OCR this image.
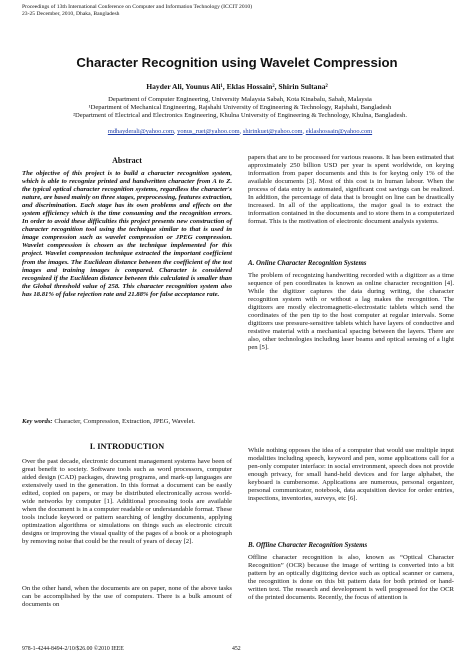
Proceedings of 13th International Conference on Computer and Information Technology (ICCIT 2010)
23-25 December, 2010, Dhaka, Bangladesh
Character Recognition using Wavelet Compression
Hayder Ali, Younus Ali¹, Eklas Hossain², Shirin Sultana²
Department of Computer Engineering, University Malaysia Sabah, Kota Kinabalu, Sabah, Malaysia
¹Department of Mechanical Engineering, Rajshahi University of Engineering & Technology, Rajshahi, Bangladesh
²Department of Electrical and Electronics Engineering, Khulna University of Engineering & Technology, Khulna, Bangladesh.
mdhayderali@yahoo.com, yonus_ruet@yahoo.com, shirinkuet@yahoo.com, eklashossain@yahoo.com
Abstract
The objective of this project is to build a character recognition system, which is able to recognize printed and handwritten character from A to Z. the typical optical character recognition systems, regardless the character's nature, are based mainly on three stages, preprocessing, features extraction, and discrimination. Each stage has its own problems and effects on the system efficiency which is the time consuming and the recognition errors. In order to avoid these difficulties this project presents new construction of character recognition tool using the technique similar to that is used in image compression such as wavelet compression or JPEG compression. Wavelet compression is chosen as the technique implemented for this project. Wavelet compression technique extracted the important coefficient from the images. The Euclidean distance between the coefficient of the test images and training images is compared. Character is considered recognized if the Euclidean distance between this calculated is smaller than the Global threshold value of 258. This character recognition system also has 18.81% of false rejection rate and 21.88% for false acceptance rate.
Key words: Character, Compression, Extraction, JPEG, Wavelet.
I. INTRODUCTION
Over the past decade, electronic document management systems have been of great benefit to society. Software tools such as word processors, computer aided design (CAD) packages, drawing programs, and mark-up languages are extensively used in the generation. In this format a document can be easily edited, copied on papers, or may be distributed electronically across world-wide networks by computer [1]. Additional processing tools are available when the document is in a computer readable or understandable format. These tools include keyword or pattern searching of lengthy documents, applying optimization algorithms or simulations on things such as electronic circuit designs or improving the visual quality of the pages of a book or a photograph by removing noise that could be the result of years of decay [2].
On the other hand, when the documents are on paper, none of the above tasks can be accomplished by the use of computers. There is a bulk amount of documents on
papers that are to be processed for various reasons. It has been estimated that approximately 250 billion USD per year is spent worldwide, on keying information from paper documents and this is for keying only 1% of the available documents [3]. Most of this cost is in human labour. When the process of data entry is automated, significant cost savings can be realized. In addition, the percentage of data that is brought on line can be drastically increased. In all of the applications, the major goal is to extract the information contained in the documents and to store them in a computerized format. This is the motivation of electronic document analysis systems.
A. Online Character Recognition Systems
The problem of recognizing handwriting recorded with a digitizer as a time sequence of pen coordinates is known as online character recognition [4]. While the digitizer captures the data during writing, the character recognition system with or without a lag makes the recognition. The digitizers are mostly electromagnetic-electrostatic tablets which send the coordinates of the pen tip to the host computer at regular intervals. Some digitizers use pressure-sensitive tablets which have layers of conductive and resistive material with a mechanical spacing between the layers. There are also, other technologies including laser beams and optical sensing of a light pen [5].
While nothing opposes the idea of a computer that would use multiple input modalities including speech, keyword and pen, some applications call for a pen-only computer interface: in social environment, speech does not provide enough privacy, for small hand-held devices and for large alphabet, the keyboard is cumbersome. Applications are numerous, personal organizer, personal communicator, notebook, data acquisition device for order entries, inspections, inventories, surveys, etc [6].
B. Offline Character Recognition Systems
Offline character recognition is also, known as “Optical Character Recognition” (OCR) because the image of writing is converted into a bit pattern by an optically digitizing device such as optical scanner or camera, the recognition is done on this bit pattern data for both printed or hand-written text. The research and development is well progressed for the OCR of the printed documents. Recently, the focus of attention is
978-1-4244-8494-2/10/$26.00 ©2010 IEEE	452
